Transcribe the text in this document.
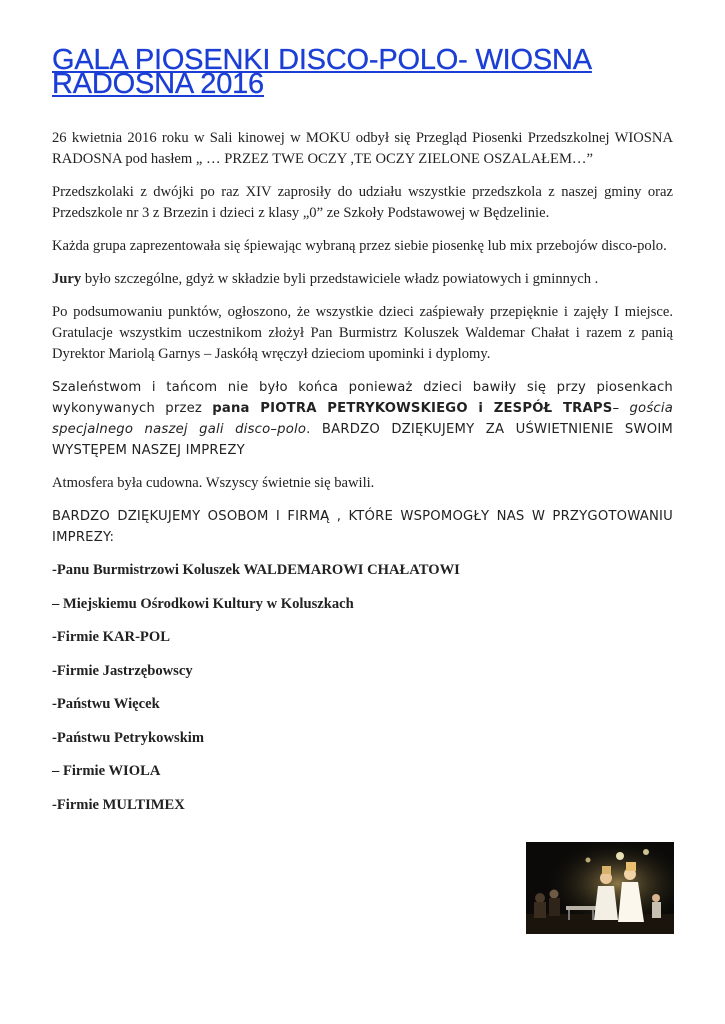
GALA PIOSENKI DISCO-POLO- WIOSNA RADOSNA 2016

26 kwietnia 2016 roku w Sali kinowej w MOKU odbył się Przegląd Piosenki Przedszkolnej WIOSNA RADOSNA pod hasłem „ … PRZEZ TWE OCZY ,TE OCZY ZIELONE OSZALAŁEM…”

Przedszkolaki z dwójki po raz XIV zaprosiły do udziału wszystkie przedszkola z naszej gminy oraz Przedszkole nr 3 z Brzezin i dzieci z klasy „0” ze Szkoły Podstawowej w Będzelinie.

Każda grupa zaprezentowała się śpiewając wybraną przez siebie piosenkę lub mix przebojów disco-polo.

Jury było szczególne, gdyż w składzie byli przedstawiciele władz powiatowych i gminnych .

Po podsumowaniu punktów, ogłoszono, że wszystkie dzieci zaśpiewały przepięknie i zajęły I miejsce. Gratulacje wszystkim uczestnikom złożył Pan Burmistrz Koluszek Waldemar Chałat i razem z panią Dyrektor Mariolą Garnys – Jaskółą wręczył dzieciom upominki i dyplomy.

Szaleństwom i tańcom nie było końca ponieważ dzieci bawiły się przy piosenkach wykonywanych przez pana PIOTRA PETRYKOWSKIEGO i ZESPÓŁ TRAPS– gościa specjalnego naszej gali disco–polo. BARDZO DZIĘKUJEMY ZA UŚWIETNIENIE SWOIM WYSTĘPEM NASZEJ IMPREZY

Atmosfera była cudowna. Wszyscy świetnie się bawili.

BARDZO DZIĘKUJEMY OSOBOM I FIRMĄ , KTÓRE WSPOMOGŁY NAS W PRZYGOTOWANIU IMPREZY:

-Panu Burmistrzowi Koluszek WALDEMAROWI CHAŁATOWI

– Miejskiemu Ośrodkowi Kultury w Koluszkach

-Firmie KAR-POL

-Firmie Jastrzębowscy

-Państwu Więcek

-Państwu Petrykowskim

– Firmie WIOLA

-Firmie MULTIMEX
